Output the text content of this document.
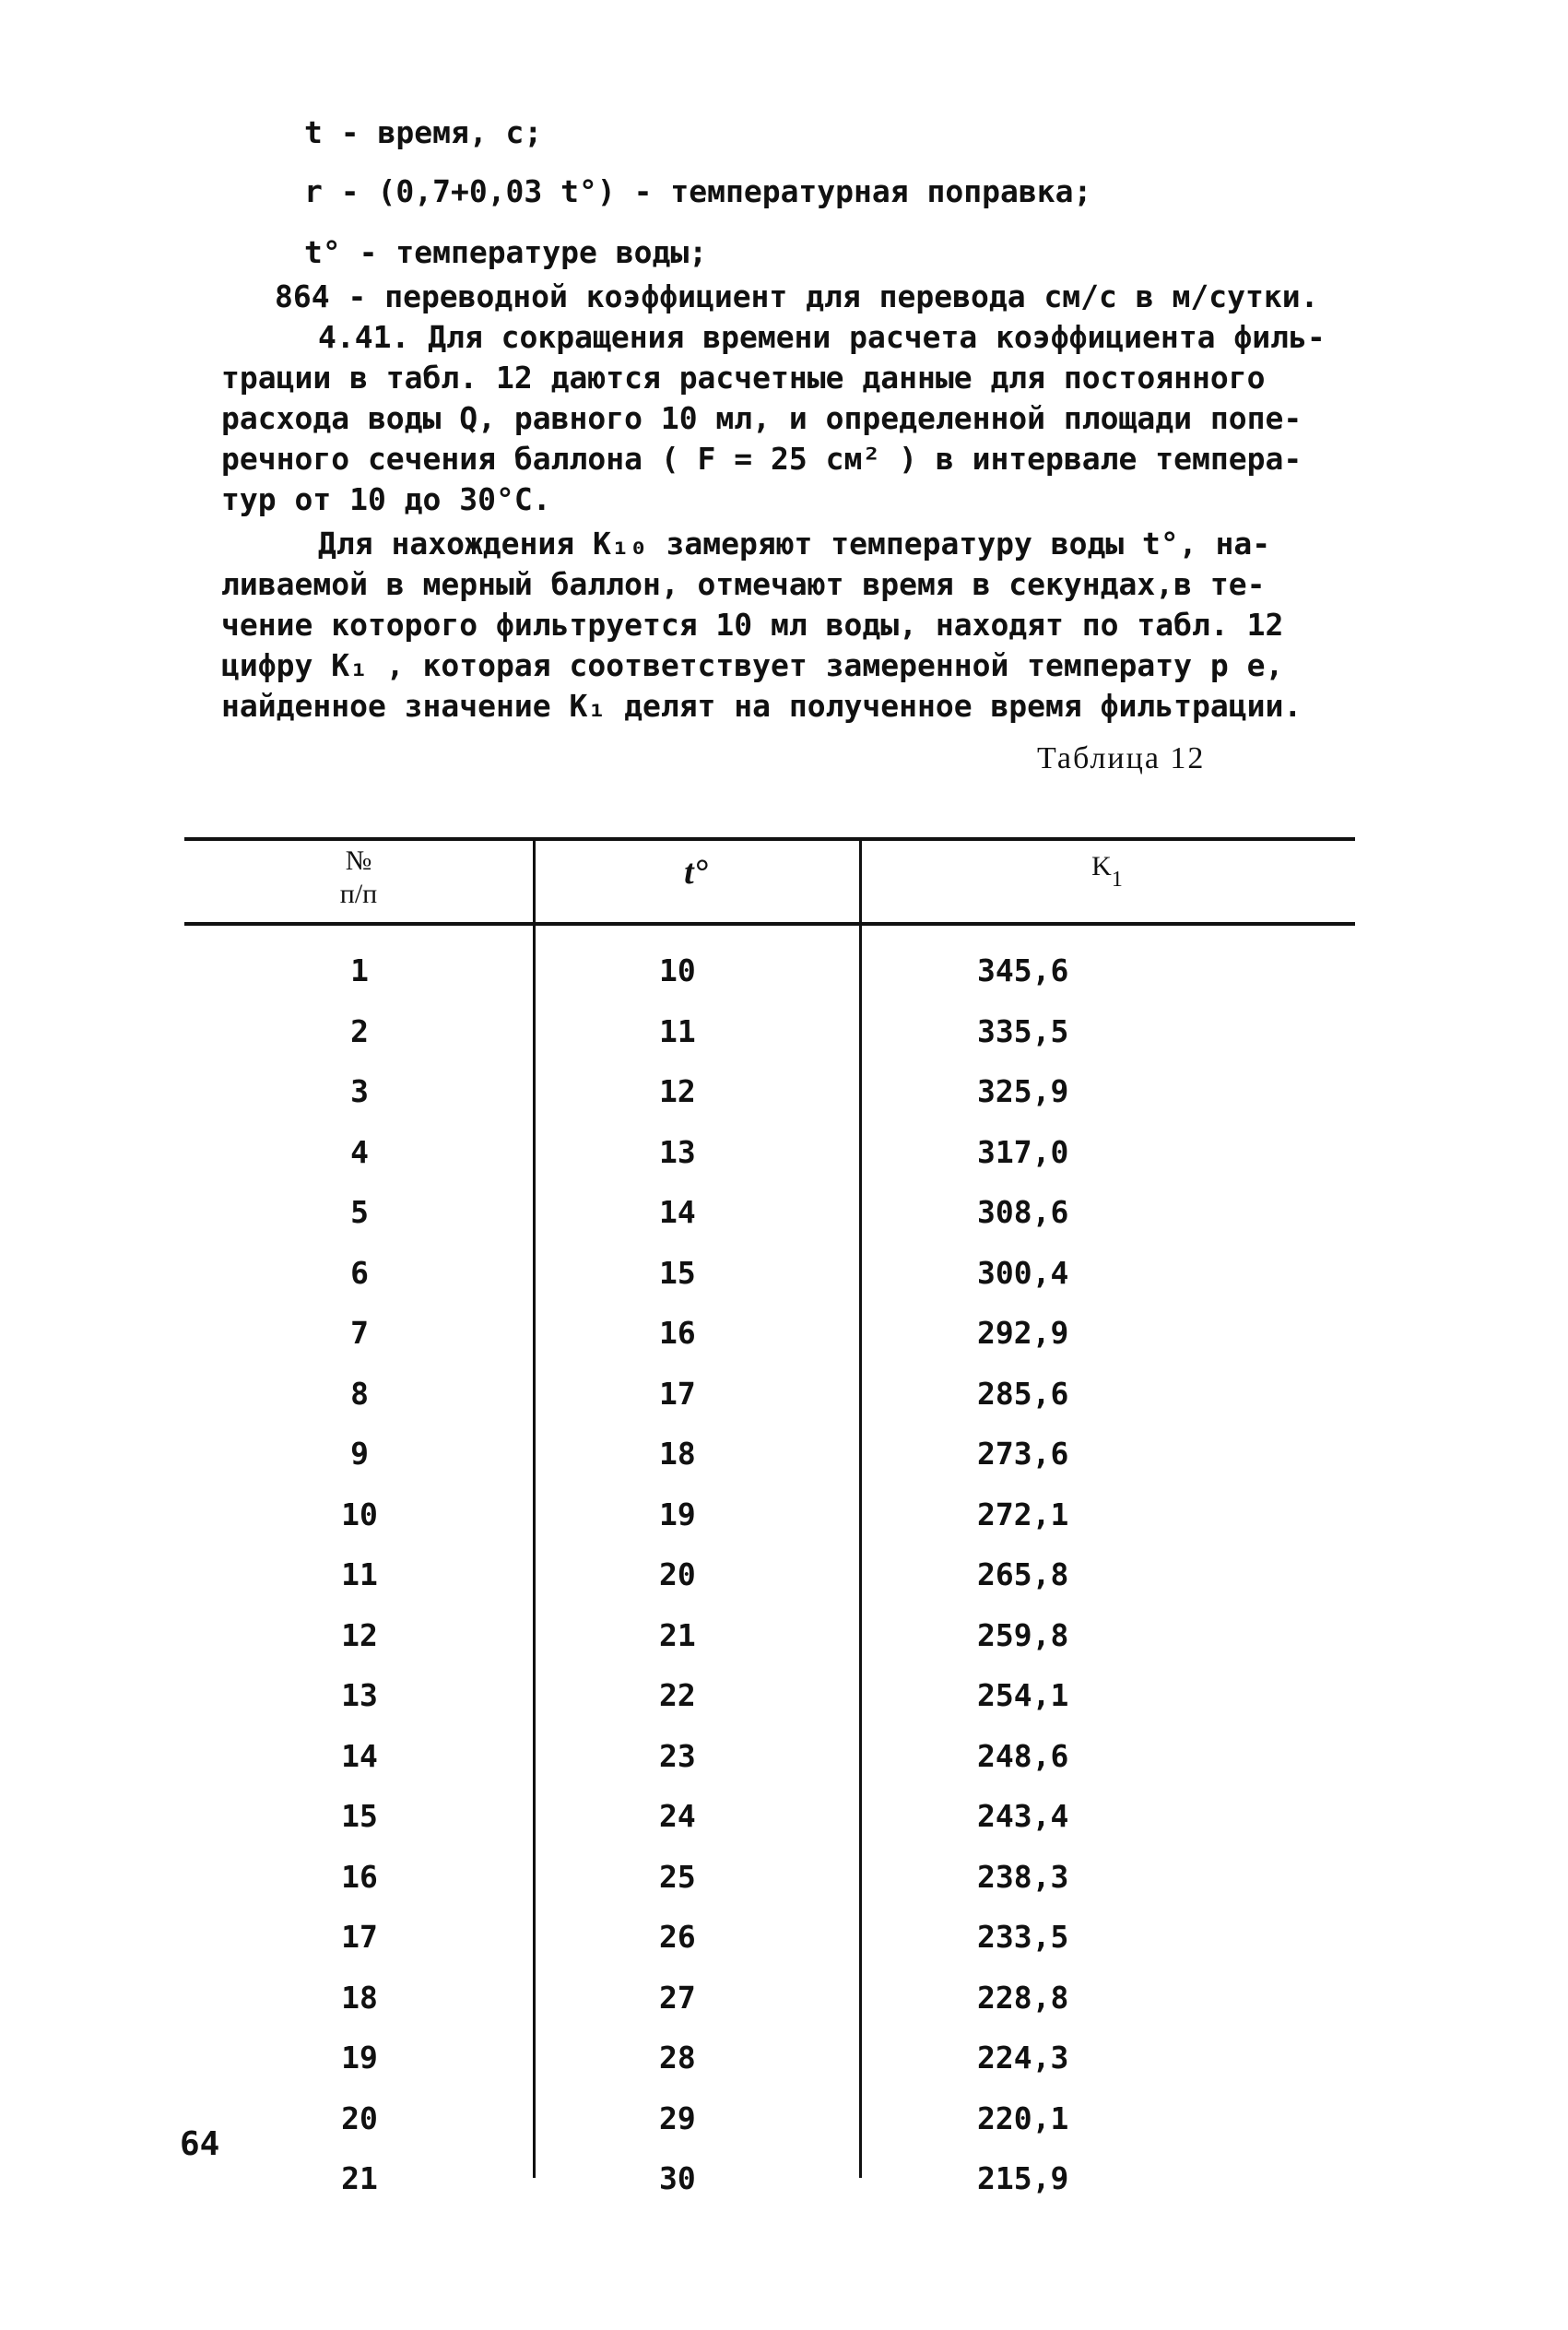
t - время, с;
r - (0,7+0,03 t°) - температурная поправка;
t° - температуре воды;
864 - переводной коэффициент для перевода см/с в м/сутки.
4.41. Для сокращения времени расчета коэффициента филь-
трации в табл. 12 даются расчетные данные для постоянного
расхода воды Q, равного 10 мл, и определенной площади попе-
речного сечения баллона ( F = 25 см² ) в интервале темпера-
тур от 10 до 30°С.
Для нахождения K₁₀ замеряют температуру воды t°, на-
ливаемой в мерный баллон, отмечают время в секундах,в те-
чение которого фильтруется 10 мл воды, находят по табл. 12
цифру K₁ , которая соответствует замеренной температу р е,
найденное значение K₁ делят на полученное время фильтрации.
Таблица 12
№
п/п
t°	$K_1$
1	10	345,6
2	11	335,5
3	12	325,9
4	13	317,0
5	14	308,6
6	15	300,4
7	16	292,9
8	17	285,6
9	18	273,6
10	19	272,1
11	20	265,8
12	21	259,8
13	22	254,1
14	23	248,6
15	24	243,4
16	25	238,3
17	26	233,5
18	27	228,8
19	28	224,3
20	29	220,1
21	30	215,9
64
